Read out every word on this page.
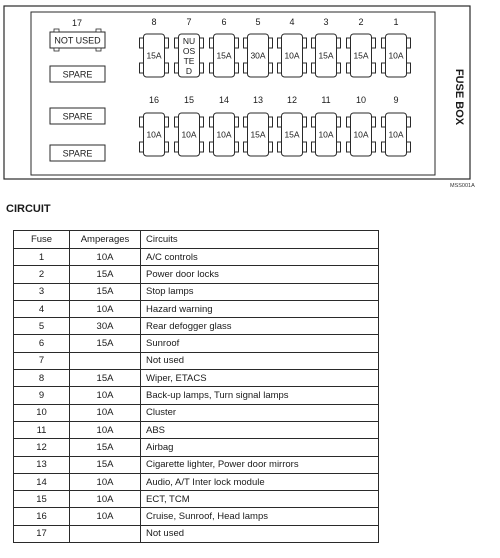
FUSE BOX
17
NOT USED
SPARE
SPARE
SPARE
8
15A
7
NU
OS
TE
D
6
15A
5
30A
4
10A
3
15A
2
15A
1
10A
16
10A
15
10A
14
10A
13
15A
12
15A
11
10A
10
10A
9
10A
MSS001A
CIRCUIT
Fuse	Amperages	Circuits
1	10A	A/C controls
2	15A	Power door locks
3	15A	Stop lamps
4	10A	Hazard warning
5	30A	Rear defogger glass
6	15A	Sunroof
7		Not used
8	15A	Wiper, ETACS
9	10A	Back-up lamps, Turn signal lamps
10	10A	Cluster
11	10A	ABS
12	15A	Airbag
13	15A	Cigarette lighter, Power door mirrors
14	10A	Audio, A/T Inter lock module
15	10A	ECT, TCM
16	10A	Cruise, Sunroof, Head lamps
17		Not used
